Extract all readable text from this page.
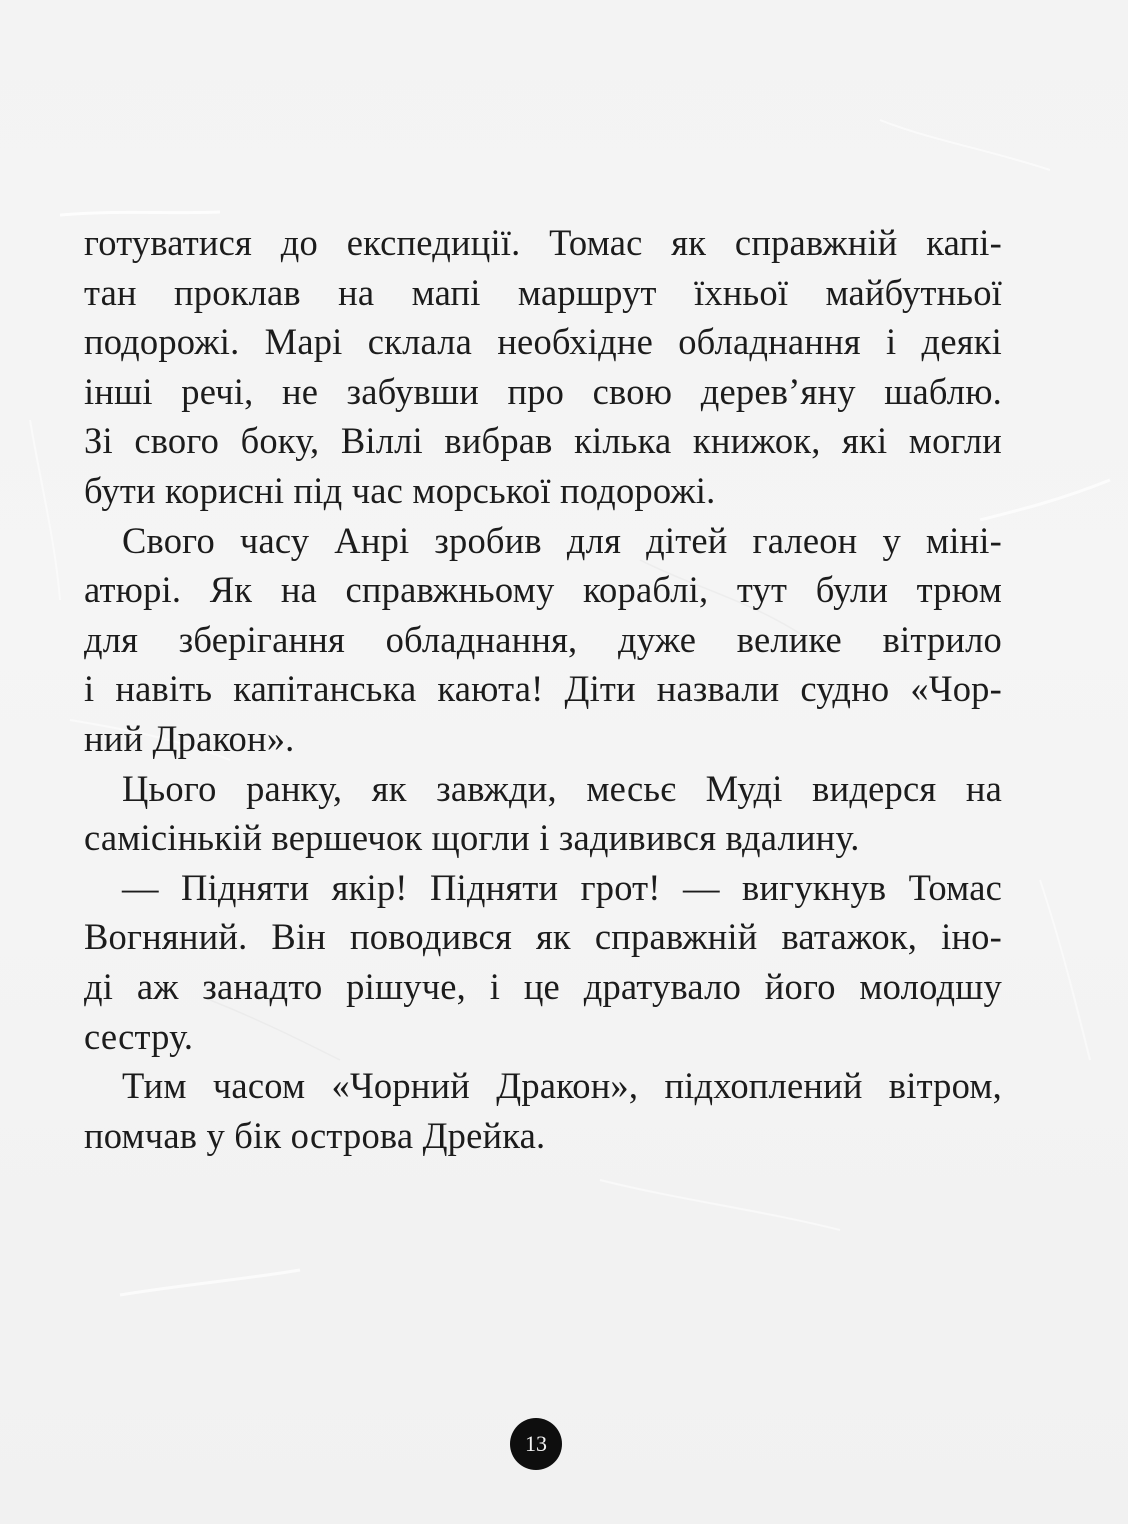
готуватися до експедиції. Томас як справжній капі-
тан проклав на мапі маршрут їхньої майбутньої
подорожі. Марі склала необхідне обладнання і деякі
інші речі, не забувши про свою дерев’яну шаблю.
Зі свого боку, Віллі вибрав кілька книжок, які могли
бути корисні під час морської подорожі.

Свого часу Анрі зробив для дітей галеон у міні-
атюрі. Як на справжньому кораблі, тут були трюм
для зберігання обладнання, дуже велике вітрило
і навіть капітанська каюта! Діти назвали судно «Чор-
ний Дракон».

Цього ранку, як завжди, месьє Муді видерся на
самісінькій вершечок щогли і задивився вдалину.

— Підняти якір! Підняти грот! — вигукнув Томас
Вогняний. Він поводився як справжній ватажок, іно-
ді аж занадто рішуче, і це дратувало його молодшу
сестру.

Тим часом «Чорний Дракон», підхоплений вітром,
помчав у бік острова Дрейка.

13
